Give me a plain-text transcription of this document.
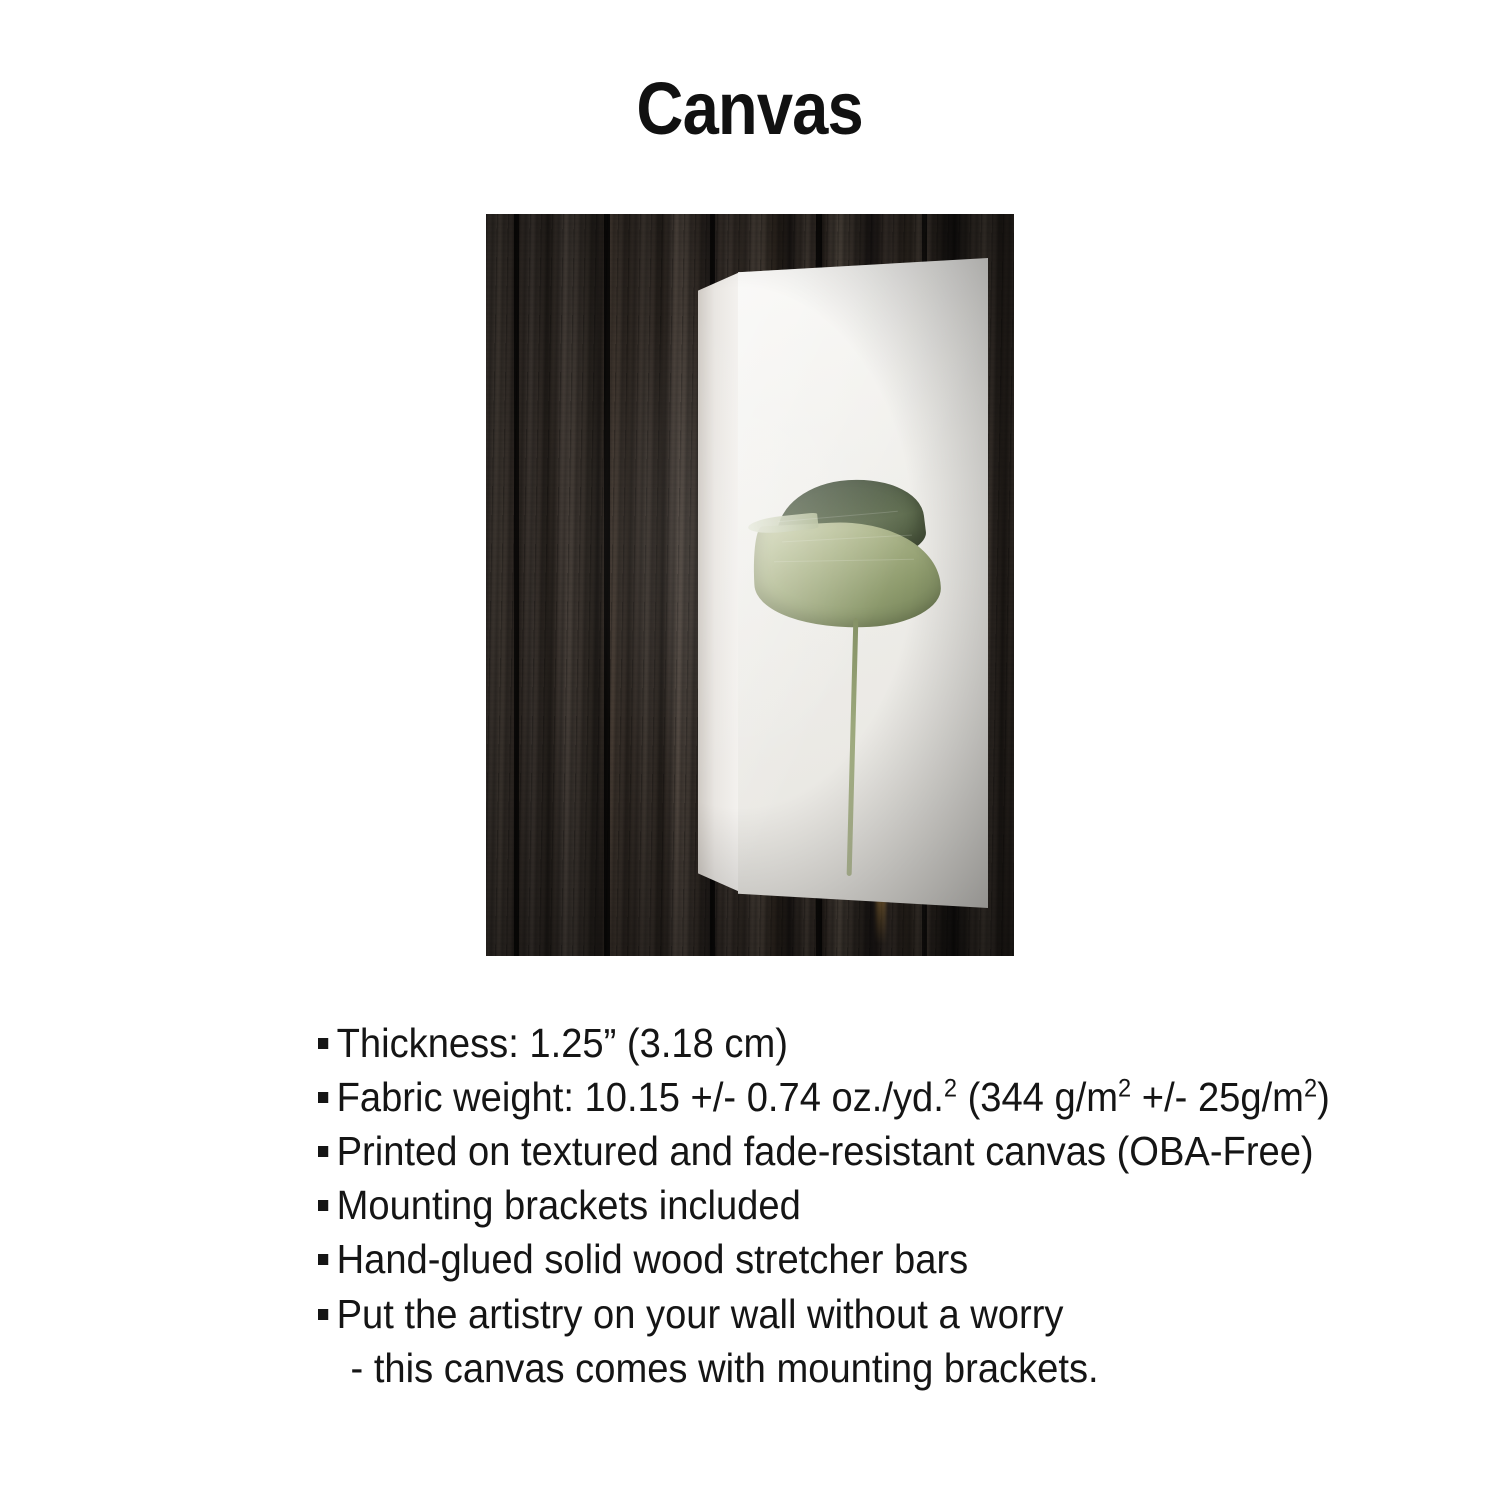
Canvas
Thickness: 1.25” (3.18 cm)
Fabric weight: 10.15 +/- 0.74 oz./yd.$^2$ (344 $g/m^2$ +/- $25g/m^2$)
Printed on textured and fade-resistant canvas (OBA-Free)
Mounting brackets included
Hand-glued solid wood stretcher bars
Put the artistry on your wall without a worry
- this canvas comes with mounting brackets.
